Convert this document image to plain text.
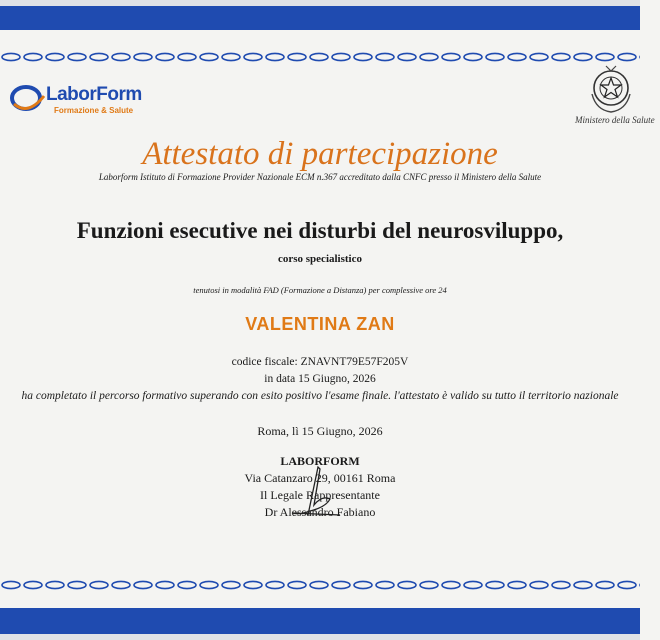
LaborForm
Formazione & Salute
Ministero della Salute
Attestato di partecipazione
Laborform Istituto di Formazione Provider Nazionale ECM n.367 accreditato dalla CNFC presso il Ministero della Salute
Funzioni esecutive nei disturbi del neurosviluppo,
corso specialistico
tenutosi in modalità FAD (Formazione a Distanza) per complessive ore 24
VALENTINA ZAN
codice fiscale: ZNAVNT79E57F205V
in data 15 Giugno, 2026
ha completato il percorso formativo superando con esito positivo l'esame finale. l'attestato è valido su tutto il territorio nazionale
Roma, lì 15 Giugno, 2026
LABORFORM
Via Catanzaro 29, 00161 Roma
Il Legale Rappresentante
Dr Alessandro Fabiano
